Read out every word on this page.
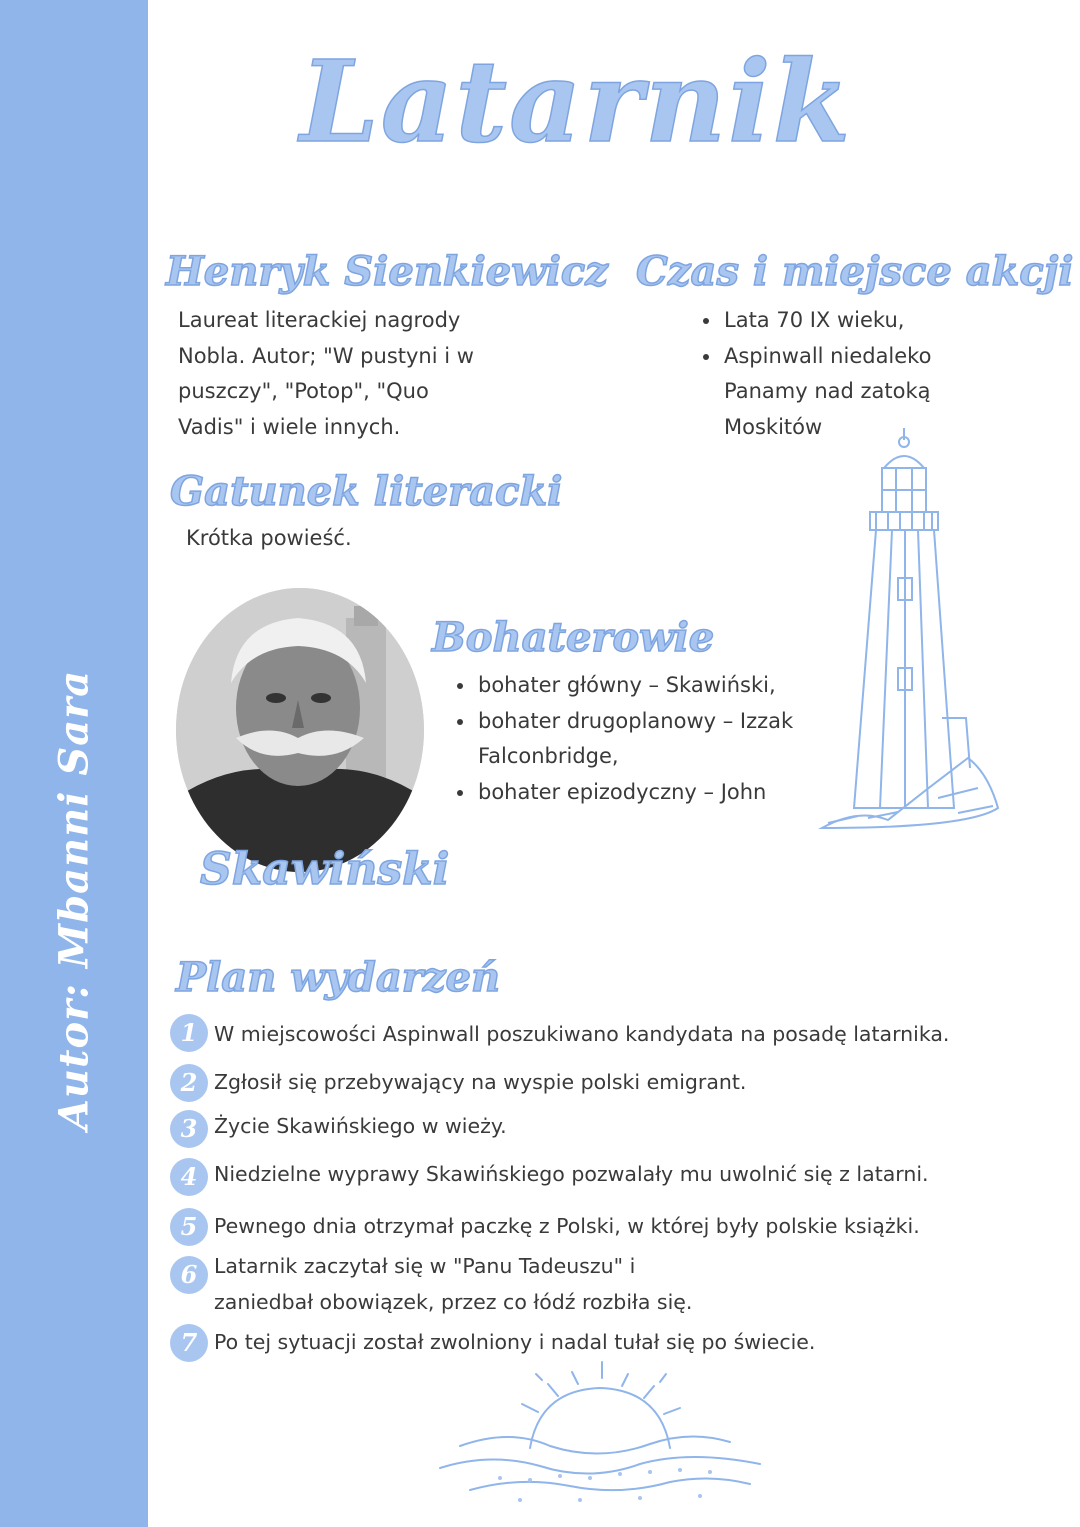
Autor: Mbanni Sara
Latarnik
Henryk Sienkiewicz
Laureat literackiej nagrody
Nobla. Autor; "W pustyni i w
puszczy", "Potop", "Quo
Vadis" i wiele innych.
Czas i miejsce akcji
Lata 70 IX wieku,
Aspinwall niedaleko
Panamy nad zatoką
Moskitów
Gatunek literacki
Krótka powieść.
Skawiński
Bohaterowie
bohater główny – Skawiński,
bohater drugoplanowy – Izzak
Falconbridge,
bohater epizodyczny – John
Plan wydarzeń
1 W miejscowości Aspinwall poszukiwano kandydata na posadę latarnika.
2 Zgłosił się przebywający na wyspie polski emigrant.
3 Życie Skawińskiego w wieży.
4 Niedzielne wyprawy Skawińskiego pozwalały mu uwolnić się z latarni.
5 Pewnego dnia otrzymał paczkę z Polski, w której były polskie książki.
6 Latarnik zaczytał się w "Panu Tadeuszu" i
zaniedbał obowiązek, przez co łódź rozbiła się.
7 Po tej sytuacji został zwolniony i nadal tułał się po świecie.
